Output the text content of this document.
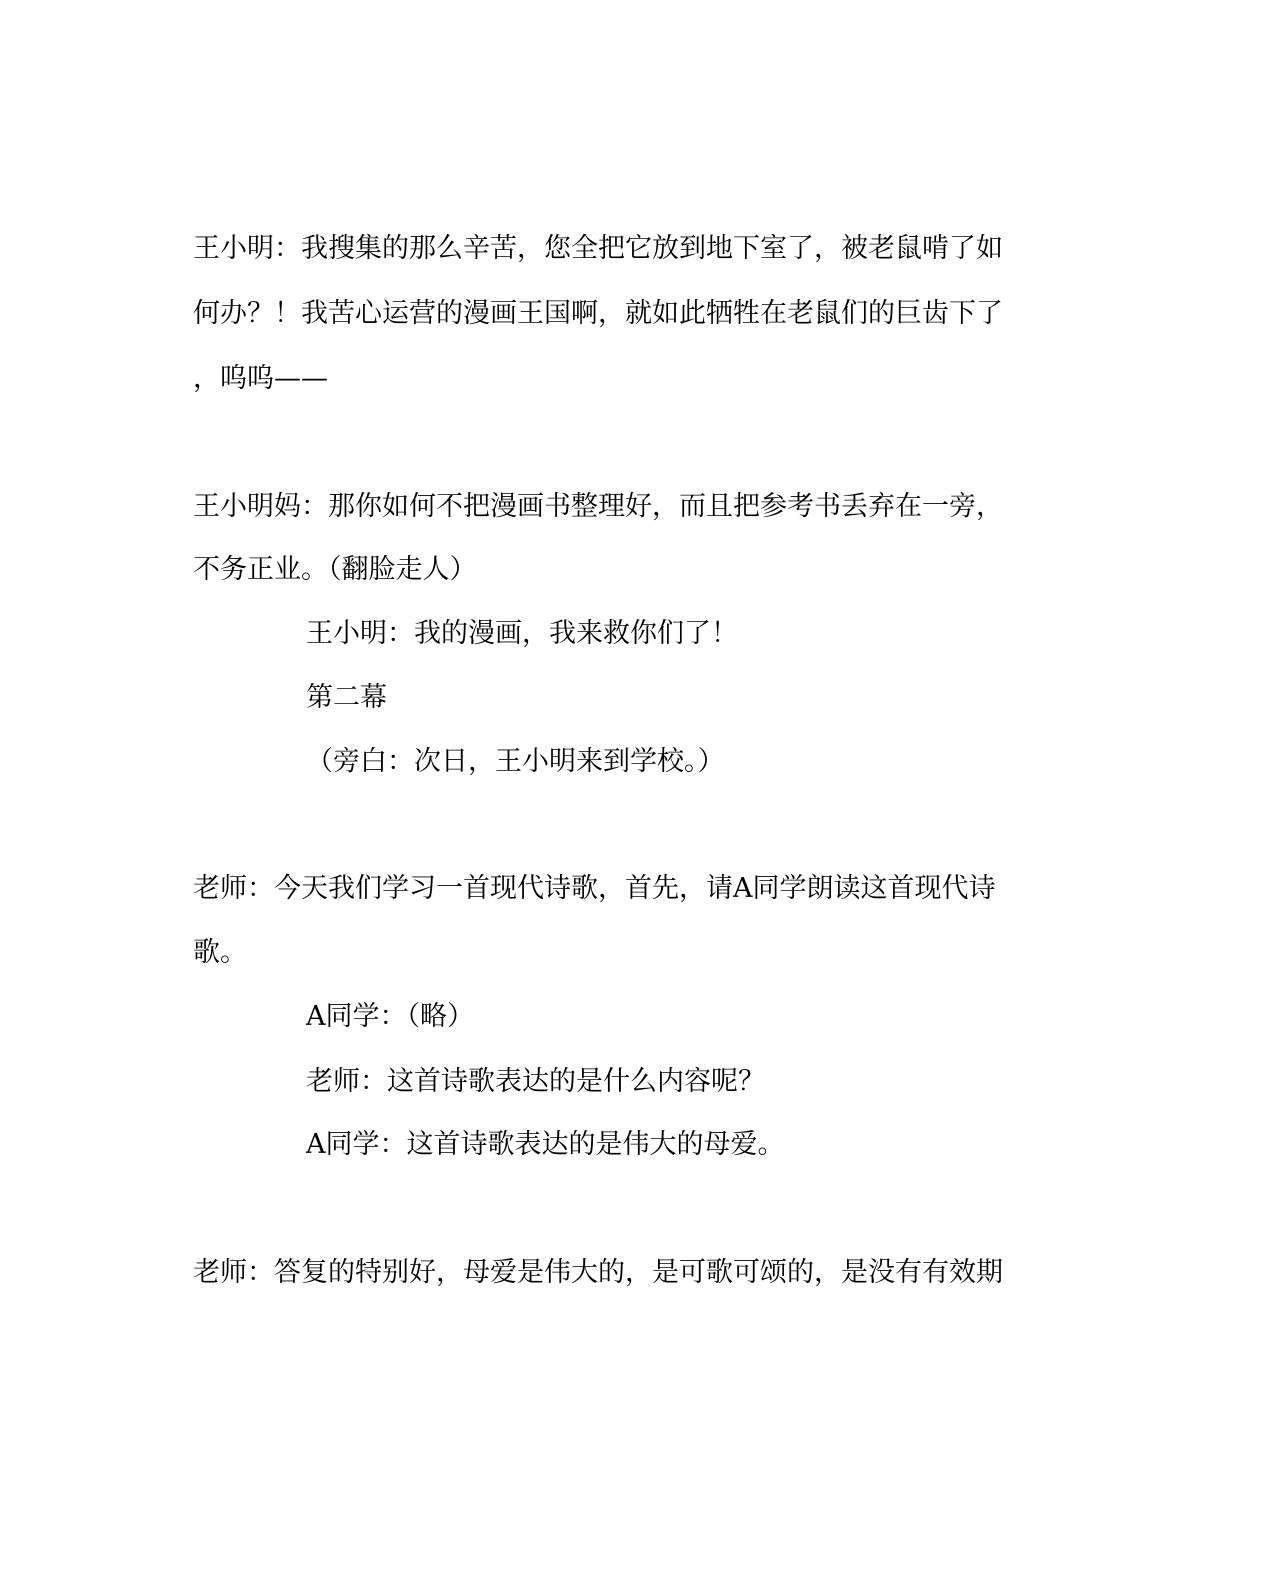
王小明：我搜集的那么辛苦，您全把它放到地下室了，被老鼠啃了如

何办？！我苦心运营的漫画王国啊，就如此牺牲在老鼠们的巨齿下了

，呜呜——

王小明妈：那你如何不把漫画书整理好，而且把参考书丢弃在一旁，

不务正业。（翻脸走人）

王小明：我的漫画，我来救你们了！

第二幕

（旁白：次日，王小明来到学校。）

老师：今天我们学习一首现代诗歌，首先，请A同学朗读这首现代诗

歌。

A同学：（略）

老师：这首诗歌表达的是什么内容呢？

A同学：这首诗歌表达的是伟大的母爱。

老师：答复的特别好，母爱是伟大的，是可歌可颂的，是没有有效期
